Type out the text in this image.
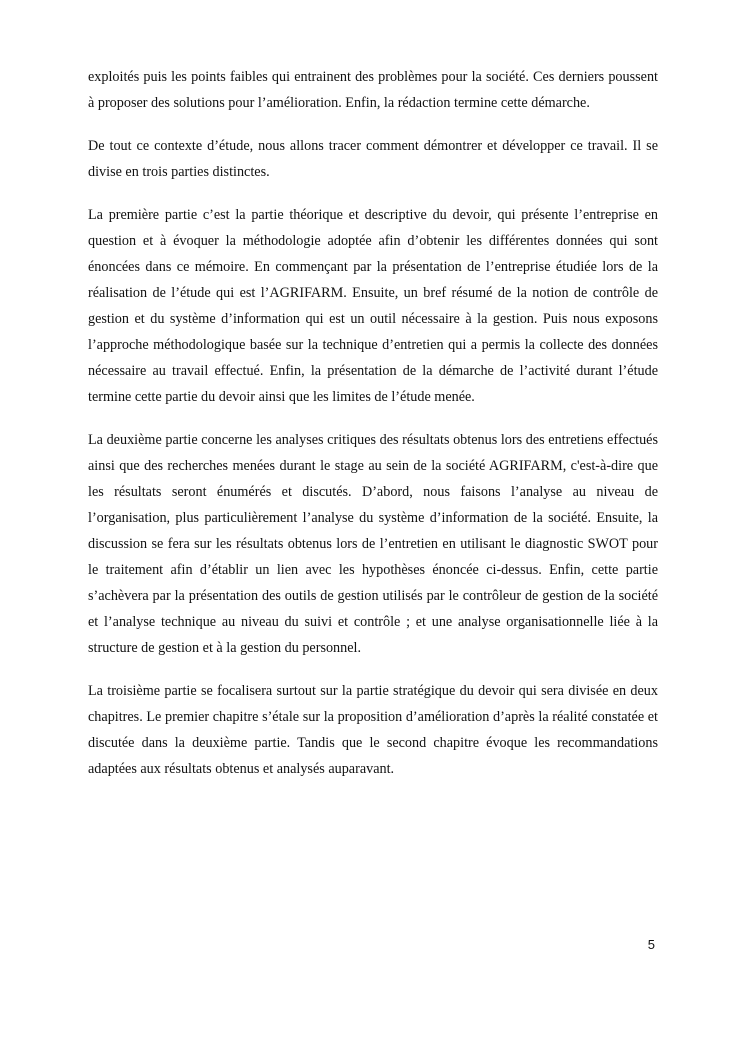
exploités puis les points faibles qui entrainent des problèmes pour la société. Ces derniers poussent à proposer des solutions pour l’amélioration. Enfin, la rédaction termine cette démarche.

De tout ce contexte d’étude, nous allons tracer comment démontrer et développer ce travail. Il se divise en trois parties distinctes.

La première partie c’est la partie théorique et descriptive du devoir, qui présente l’entreprise en question et à évoquer la méthodologie adoptée afin d’obtenir les différentes données qui sont énoncées dans ce mémoire. En commençant par la présentation de l’entreprise étudiée lors de la réalisation de l’étude qui est l’AGRIFARM. Ensuite, un bref résumé de la notion de contrôle de gestion et du système d’information qui est un outil nécessaire à la gestion. Puis nous exposons l’approche méthodologique basée sur la technique d’entretien qui a permis la collecte des données nécessaire au travail effectué. Enfin, la présentation de la démarche de l’activité durant l’étude termine cette partie du devoir ainsi que les limites de l’étude menée.

La deuxième partie concerne les analyses critiques des résultats obtenus lors des entretiens effectués ainsi que des recherches menées durant le stage au sein de la société AGRIFARM, c'est-à-dire que les résultats seront énumérés et discutés. D’abord, nous faisons l’analyse au niveau de l’organisation, plus particulièrement l’analyse du système d’information de la société. Ensuite, la discussion se fera sur les résultats obtenus lors de l’entretien en utilisant le diagnostic SWOT pour le traitement afin d’établir un lien avec les hypothèses énoncée ci-dessus. Enfin, cette partie s’achèvera par la présentation des outils de gestion utilisés par le contrôleur de gestion de la société et l’analyse technique au niveau du suivi et contrôle ; et une analyse organisationnelle liée à la structure de gestion et à la gestion du personnel.

La troisième partie se focalisera surtout sur la partie stratégique du devoir qui sera divisée en deux chapitres. Le premier chapitre s’étale sur la proposition d’amélioration d’après la réalité constatée et discutée dans la deuxième partie. Tandis que le second chapitre évoque les recommandations adaptées aux résultats obtenus et analysés auparavant.

5
